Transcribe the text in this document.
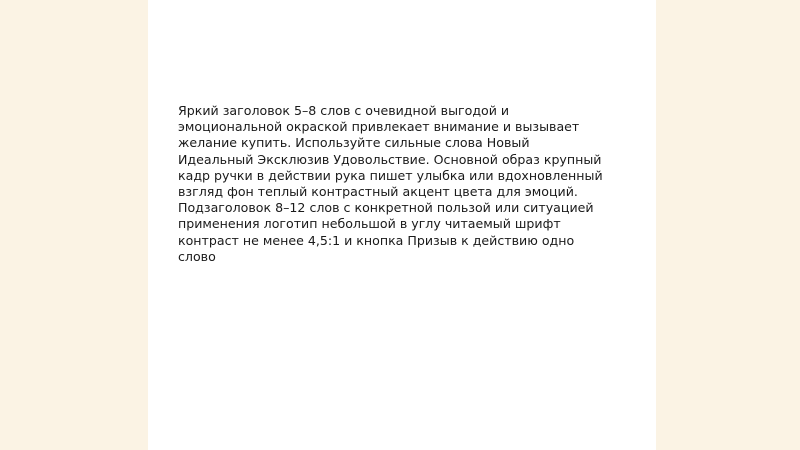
Яркий заголовок 5–8 слов с очевидной выгодой и
эмоциональной окраской привлекает внимание и вызывает
желание купить. Используйте сильные слова Новый
Идеальный Эксклюзив Удовольствие. Основной образ крупный
кадр ручки в действии рука пишет улыбка или вдохновленный
взгляд фон теплый контрастный акцент цвета для эмоций.
Подзаголовок 8–12 слов с конкретной пользой или ситуацией
применения логотип небольшой в углу читаемый шрифт
контраст не менее 4,5:1 и кнопка Призыв к действию одно
слово
